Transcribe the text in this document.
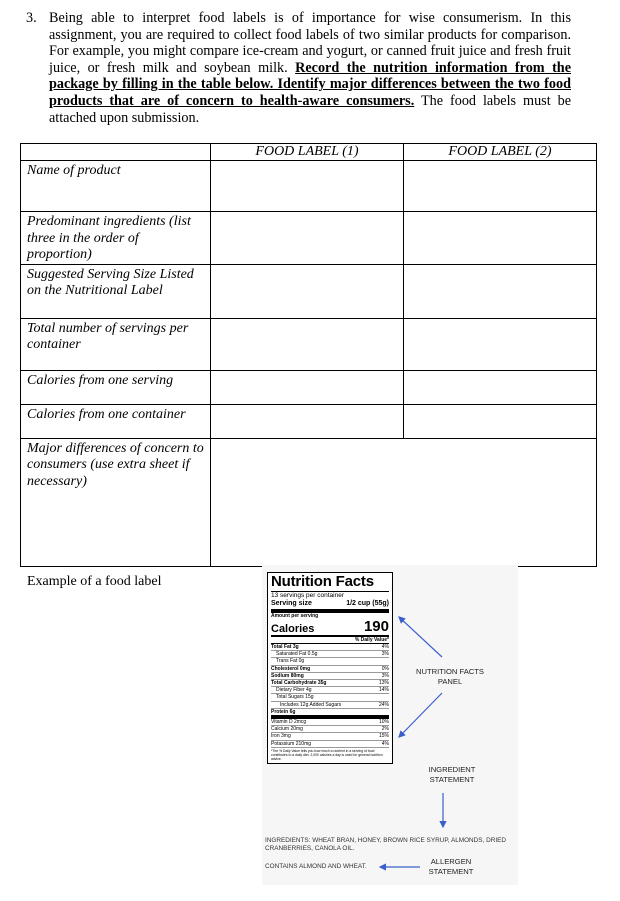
3. Being able to interpret food labels is of importance for wise consumerism. In this assignment, you are required to collect food labels of two similar products for comparison. For example, you might compare ice-cream and yogurt, or canned fruit juice and fresh fruit juice, or fresh milk and soybean milk. Record the nutrition information from the package by filling in the table below. Identify major differences between the two food products that are of concern to health-aware consumers. The food labels must be attached upon submission.
	FOOD LABEL (1)	FOOD LABEL (2)
Name of product		
Predominant ingredients (list three in the order of proportion)		
Suggested Serving Size Listed on the Nutritional Label		
Total number of servings per container		
Calories from one serving		
Calories from one container		
Major differences of concern to consumers (use extra sheet if necessary)		
Example of a food label	Nutrition Facts
13 servings per container
Serving size	1/2 cup (55g)
Amount per serving
Calories	190
% Daily Value*
Total Fat 3g	4%
Saturated Fat 0.5g	3%
Trans Fat 0g
Cholesterol 0mg	0%
Sodium 80mg	3%
Total Carbohydrate 35g	13%
Dietary Fiber 4g	14%
Total Sugars 15g
Includes 12g Added Sugars	24%
Protein 6g
Vitamin D 2mcg	10%
Calcium 20mg	2%
Iron 3mg	15%
Potassium 210mg	4%
*The % Daily Value tells you how much a nutrient in a serving of food contributes to a daily diet. 2,000 calories a day is used for general nutrition advice.
NUTRITION FACTS PANEL
INGREDIENT STATEMENT
INGREDIENTS: WHEAT BRAN, HONEY, BROWN RICE SYRUP, ALMONDS, DRIED CRANBERRIES, CANOLA OIL.
CONTAINS ALMOND AND WHEAT.
ALLERGEN STATEMENT
